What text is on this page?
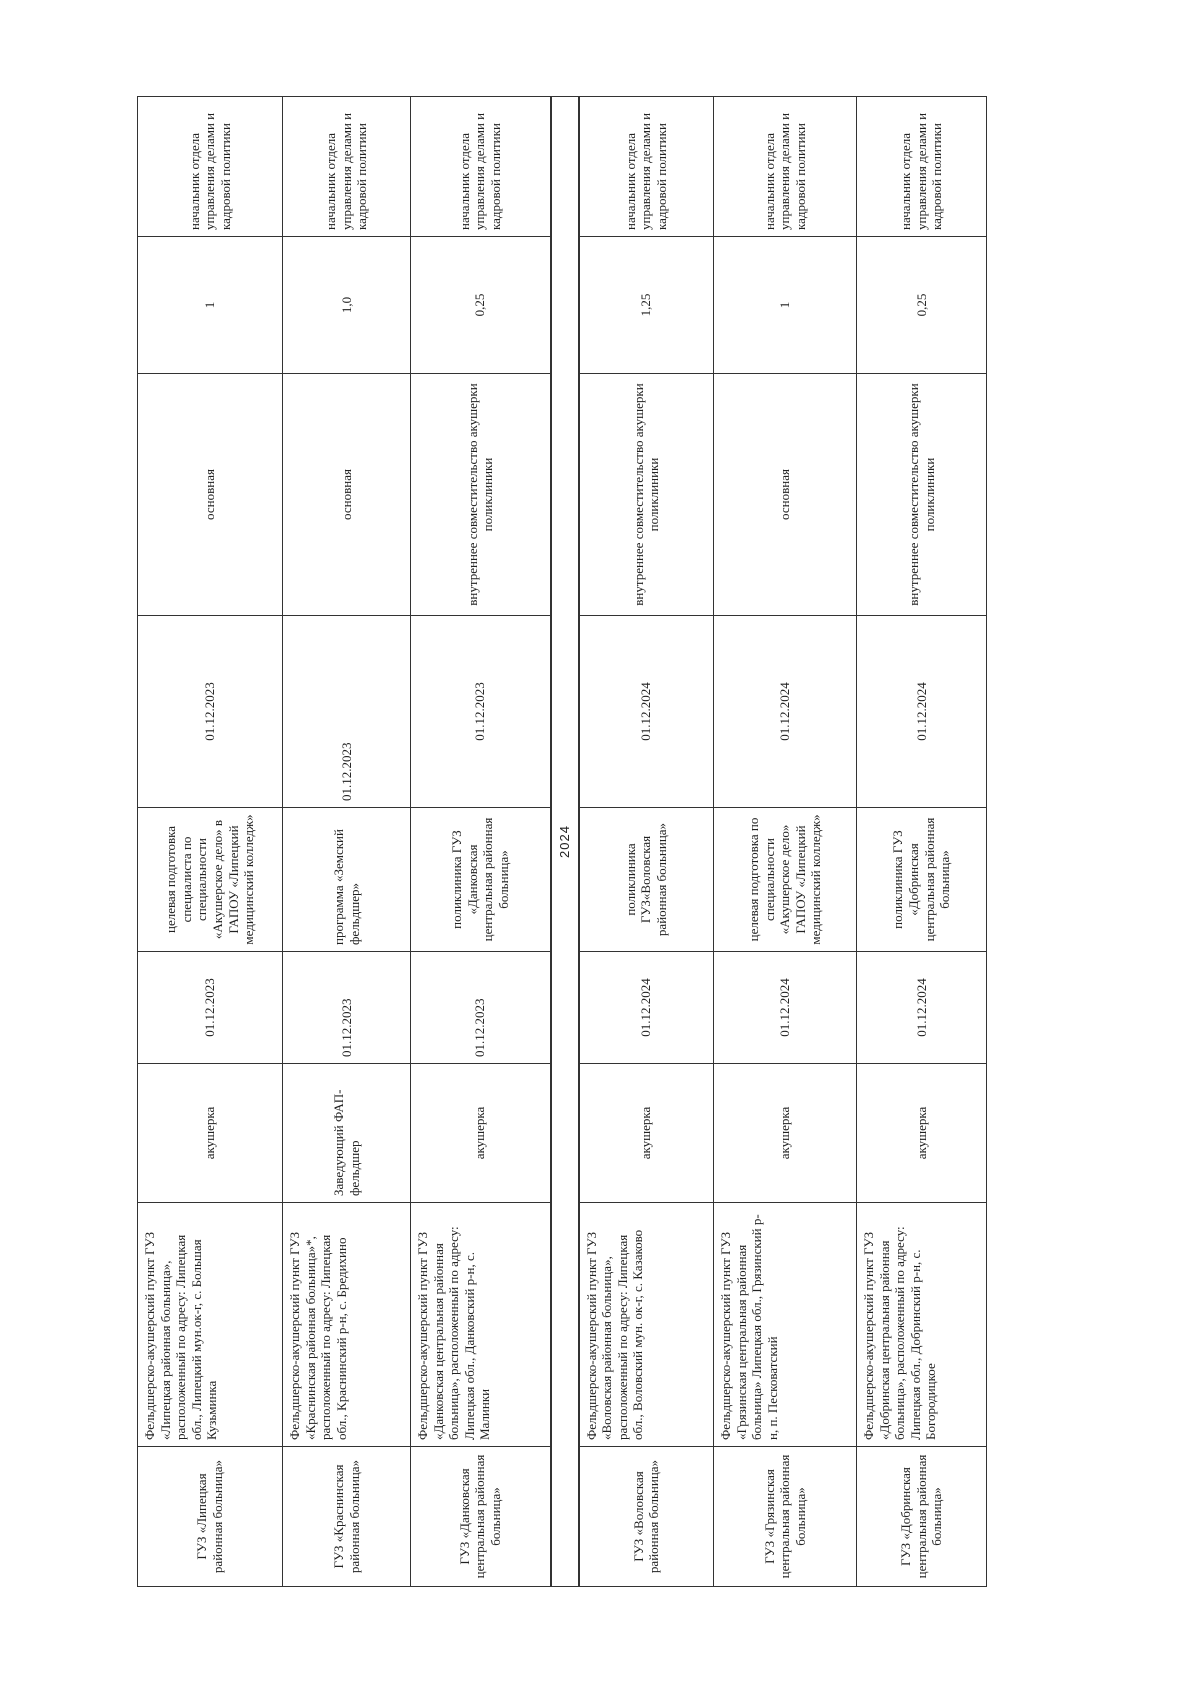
ГУЗ «Липецкая районная больница»	Фельдшерско-акушерский пункт ГУЗ «Липецкая районная больница», расположенный по адресу: Липецкая обл., Липецкий мун.ок-г, с. Большая Кузьминка	акушерка	01.12.2023	целевая подготовка специалиста по специальности «Акушерское дело» в ГАПОУ «Липецкий медицинский колледж»	01.12.2023	основная	1	начальник отдела управления делами и кадровой политики
ГУЗ «Краснинская районная больница»	Фельдшерско-акушерский пункт ГУЗ «Краснинская районная больница»*, расположенный по адресу: Липецкая обл., Краснинский р-н, с. Бредихино	Заведующий ФАП-фельдшер	01.12.2023	программа «Земский фельдшер»	01.12.2023	основная	1,0	начальник отдела управления делами и кадровой политики
ГУЗ «Данковская центральная районная больница»	Фельдшерско-акушерский пункт ГУЗ «Данковская центральная районная больница», расположенный по адресу: Липецкая обл., Данковский р-н, с. Малинки	акушерка	01.12.2023	поликлиника ГУЗ «Данковская центральная районная больница»	01.12.2023	внутреннее совместительство акушерки поликлиники	0,25	начальник отдела управления делами и кадровой политики
2024								
ГУЗ «Воловская районная больница»	Фельдшерско-акушерский пункт ГУЗ «Воловская районная больница», расположенный по адресу: Липецкая обл., Воловский мун. ок-г, с. Казаково	акушерка	01.12.2024	поликлиника ГУЗ«Воловская районная больница»	01.12.2024	внутреннее совместительство акушерки поликлиники	1,25	начальник отдела управления делами и кадровой политики
ГУЗ «Грязинская центральная районная больница»	Фельдшерско-акушерский пункт ГУЗ «Грязинская центральная районная больница» Липецкая обл., Грязинский р-н, п. Песковатский	акушерка	01.12.2024	целевая подготовка по специальности «Акушерское дело» ГАПОУ «Липецкий медицинский колледж»	01.12.2024	основная	1	начальник отдела управления делами и кадровой политики
ГУЗ «Добринская центральная районная больница»	Фельдшерско-акушерский пункт ГУЗ «Добринская центральная районная больница», расположенный по адресу: Липецкая обл., Добринский р-н, с. Богородицкое	акушерка	01.12.2024	поликлиника ГУЗ «Добринская центральная районная больница»	01.12.2024	внутреннее совместительство акушерки поликлиники	0,25	начальник отдела управления делами и кадровой политики
